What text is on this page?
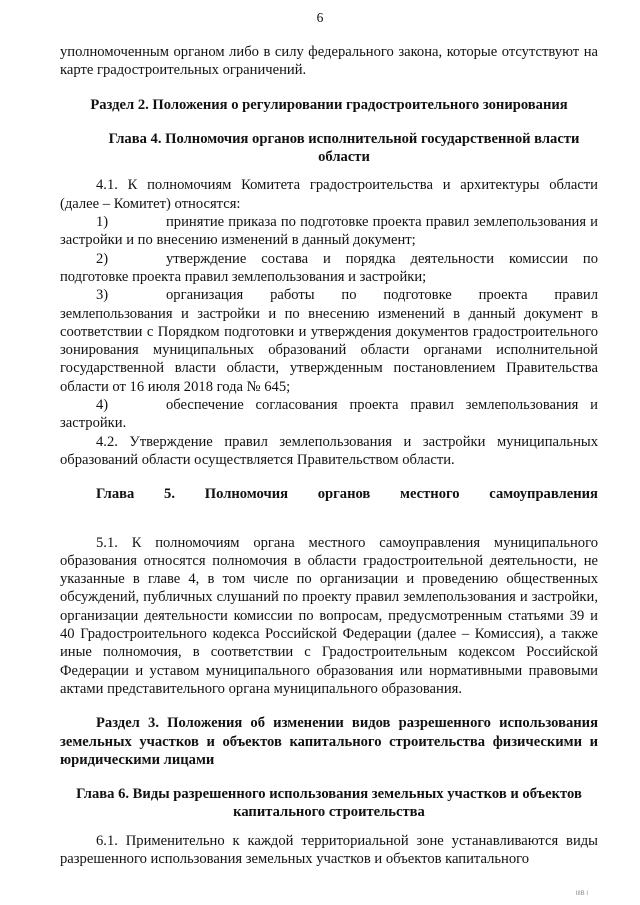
6

уполномоченным органом либо в силу федерального закона, которые отсутствуют на карте градостроительных ограничений.

Раздел 2. Положения о регулировании градостроительного зонирования

Глава 4. Полномочия органов исполнительной государственной власти области

4.1. К полномочиям Комитета градостроительства и архитектуры области (далее – Комитет) относятся:

1)	принятие приказа по подготовке проекта правил землепользования и застройки и по внесению изменений в данный документ;

2)	утверждение состава и порядка деятельности комиссии по подготовке проекта правил землепользования и застройки;

3)	организация работы по подготовке проекта правил землепользования и застройки и по внесению изменений в данный документ в соответствии с Порядком подготовки и утверждения документов градостроительного зонирования муниципальных образований области органами исполнительной государственной власти области, утвержденным постановлением Правительства области от 16 июля 2018 года № 645;

4)	обеспечение согласования проекта правил землепользования и застройки.

4.2. Утверждение правил землепользования и застройки муниципальных образований области осуществляется Правительством области.

Глава 5. Полномочия органов местного самоуправления

5.1. К полномочиям органа местного самоуправления муниципального образования относятся полномочия в области градостроительной деятельности, не указанные в главе 4, в том числе по организации и проведению общественных обсуждений, публичных слушаний по проекту правил землепользования и застройки, организации деятельности комиссии по вопросам, предусмотренным статьями 39 и 40 Градостроительного кодекса Российской Федерации (далее – Комиссия), а также иные полномочия, в соответствии с Градостроительным кодексом Российской Федерации и уставом муниципального образования или нормативными правовыми актами представительного органа муниципального образования.

Раздел 3. Положения об изменении видов разрешенного использования земельных участков и объектов капитального строительства физическими и юридическими лицами

Глава 6. Виды разрешенного использования земельных участков и объектов капитального строительства

6.1. Применительно к каждой территориальной зоне устанавливаются виды разрешенного использования земельных участков и объектов капитального

ΙΙΙΒ Ι
